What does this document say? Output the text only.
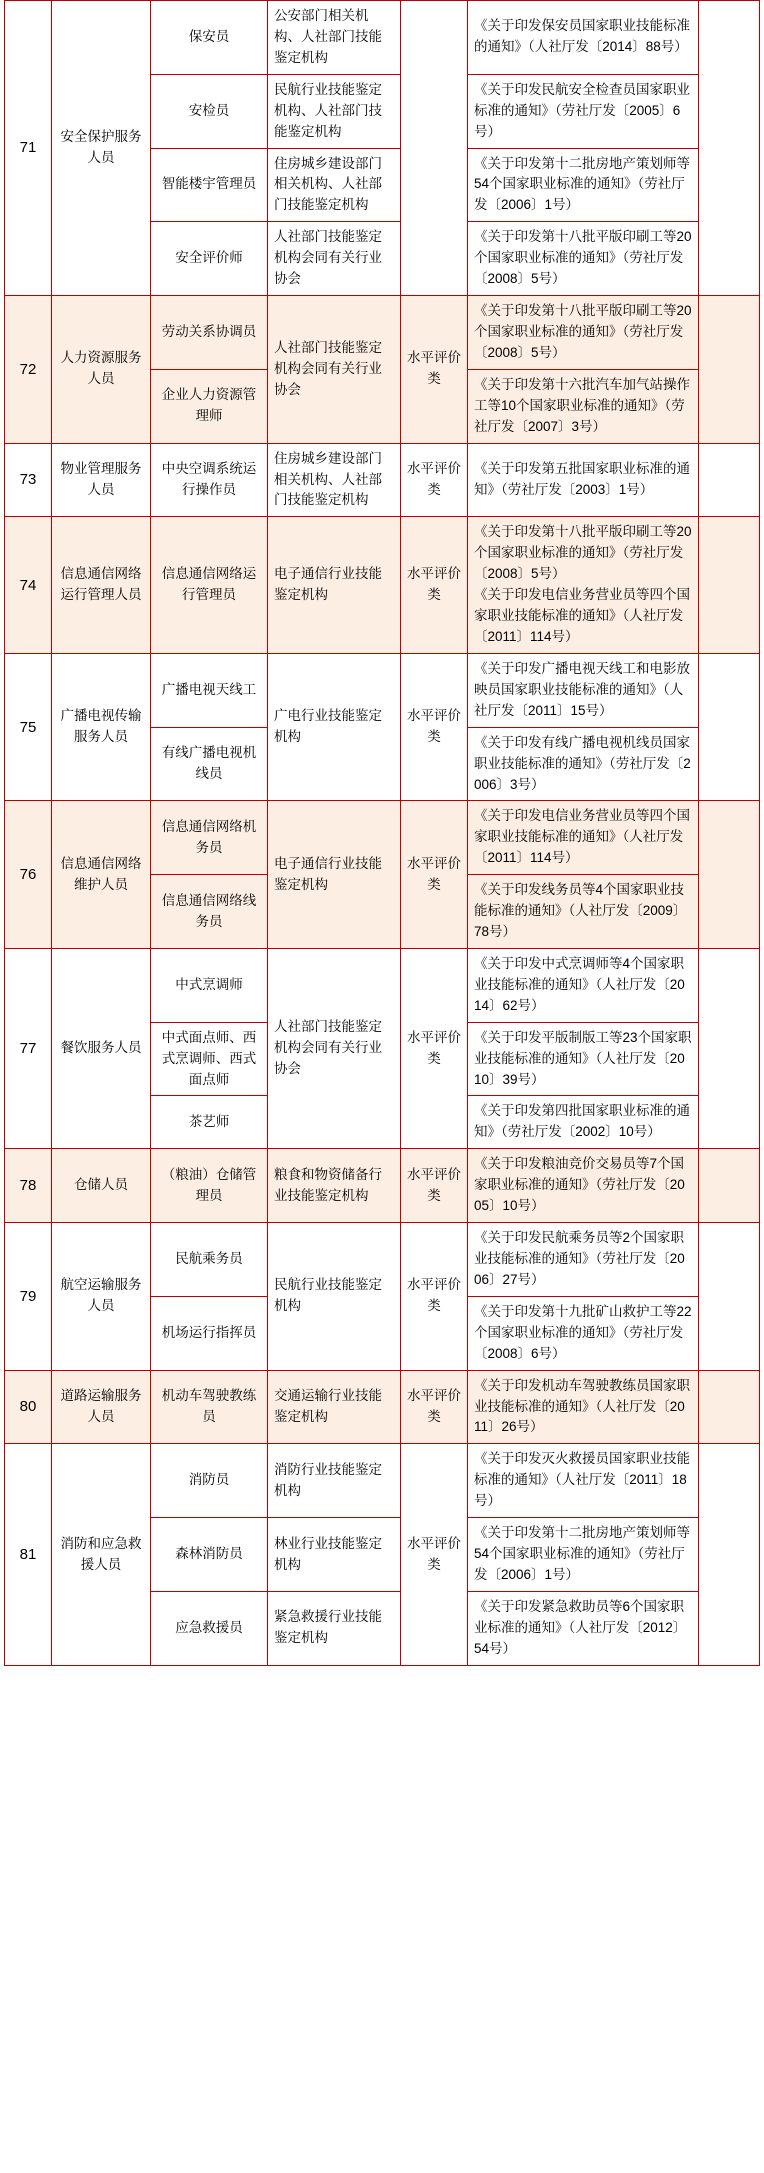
71	安全保护服务人员	保安员	公安部门相关机构、人社部门技能鉴定机构		《关于印发保安员国家职业技能标准的通知》（人社厅发〔2014〕88号）	

		安检员	民航行业技能鉴定机构、人社部门技能鉴定机构		《关于印发民航安全检查员国家职业标准的通知》（劳社厅发〔2005〕6号）	

		智能楼宇管理员	住房城乡建设部门相关机构、人社部门技能鉴定机构		《关于印发第十二批房地产策划师等54个国家职业标准的通知》（劳社厅发〔2006〕1号）	

		安全评价师	人社部门技能鉴定机构会同有关行业协会		《关于印发第十八批平版印刷工等20个国家职业标准的通知》（劳社厅发〔2008〕5号）	

72	人力资源服务人员	劳动关系协调员	人社部门技能鉴定机构会同有关行业协会	水平评价类	《关于印发第十八批平版印刷工等20个国家职业标准的通知》（劳社厅发〔2008〕5号）	

		企业人力资源管理师			《关于印发第十六批汽车加气站操作工等10个国家职业标准的通知》（劳社厅发〔2007〕3号）	

73	物业管理服务人员	中央空调系统运行操作员	住房城乡建设部门相关机构、人社部门技能鉴定机构	水平评价类	《关于印发第五批国家职业标准的通知》（劳社厅发〔2003〕1号）	

74	信息通信网络运行管理人员	信息通信网络运行管理员	电子通信行业技能鉴定机构	水平评价类	《关于印发第十八批平版印刷工等20个国家职业标准的通知》（劳社厅发〔2008〕5号）
《关于印发电信业务营业员等四个国家职业技能标准的通知》（人社厅发〔2011〕114号）	

75	广播电视传输服务人员	广播电视天线工	广电行业技能鉴定机构	水平评价类	《关于印发广播电视天线工和电影放映员国家职业技能标准的通知》（人社厅发〔2011〕15号）	

		有线广播电视机线员			《关于印发有线广播电视机线员国家职业技能标准的通知》（劳社厅发〔2006〕3号）	

76	信息通信网络维护人员	信息通信网络机务员	电子通信行业技能鉴定机构	水平评价类	《关于印发电信业务营业员等四个国家职业技能标准的通知》（人社厅发〔2011〕114号）	

		信息通信网络线务员			《关于印发线务员等4个国家职业技能标准的通知》（人社厅发〔2009〕78号）	

77	餐饮服务人员	中式烹调师	人社部门技能鉴定机构会同有关行业协会	水平评价类	《关于印发中式烹调师等4个国家职业技能标准的通知》（人社厅发〔2014〕62号）	

		中式面点师、西式烹调师、西式面点师			《关于印发平版制版工等23个国家职业技能标准的通知》（人社厅发〔2010〕39号）	

		茶艺师			《关于印发第四批国家职业标准的通知》（劳社厅发〔2002〕10号）	

78	仓储人员	（粮油）仓储管理员	粮食和物资储备行业技能鉴定机构	水平评价类	《关于印发粮油竞价交易员等7个国家职业标准的通知》（劳社厅发〔2005〕10号）	

79	航空运输服务人员	民航乘务员	民航行业技能鉴定机构	水平评价类	《关于印发民航乘务员等2个国家职业技能标准的通知》（劳社厅发〔2006〕27号）	

		机场运行指挥员			《关于印发第十九批矿山救护工等22个国家职业标准的通知》（劳社厅发〔2008〕6号）	

80	道路运输服务人员	机动车驾驶教练员	交通运输行业技能鉴定机构	水平评价类	《关于印发机动车驾驶教练员国家职业技能标准的通知》（人社厅发〔2011〕26号）	

81	消防和应急救援人员	消防员	消防行业技能鉴定机构	水平评价类	《关于印发灭火救援员国家职业技能标准的通知》（人社厅发〔2011〕18号）	

		森林消防员	林业行业技能鉴定机构		《关于印发第十二批房地产策划师等54个国家职业标准的通知》（劳社厅发〔2006〕1号）	

		应急救援员	紧急救援行业技能鉴定机构		《关于印发紧急救助员等6个国家职业标准的通知》（人社厅发〔2012〕54号）	
